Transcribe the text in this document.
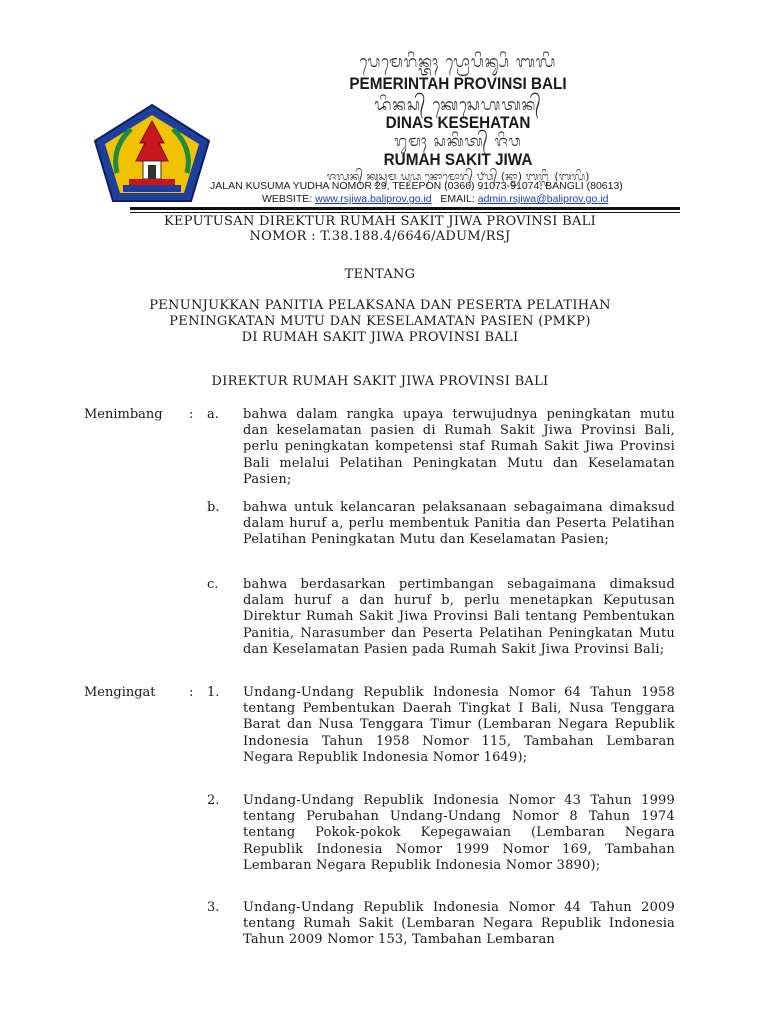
ᬧᬾᬫᬾᬭᬶᬦ᭄ᬢᬄ ᬧ᭄ᬭᭀᬧᬶᬦ᭄ᬲᬶ ᬩᬮᬶ
PEMERINTAH PROVINSI BALI
ᬤᬶᬦᬲ᭄ ᬓᬾᬲᬾᬳᬢᬦ᭄
DINAS KESEHATAN
ᬭᬸᬫᬄ ᬲᬓᬶᬢ᭄ ᬚᬶᬯ
RUMAH SAKIT JIWA
ᬚᬮᬦ᭄ ᬓᬸᬲᬸᬫ ᬬᬸᬥ ᬦᭀᬫᭀᬭ᭄ ᬨᬯ᭄ (ᬦ᭄ᬫᬵ) ᬩᬗ᭄ᬮᬶ (ᬩᬮᬶ)
JALAN KUSUMA YUDHA NOMOR 29, TELEPON (0366) 91073-91074, BANGLI (80613)
WEBSITE: www.rsjiwa.baliprov.go.id EMAIL: admin.rsjiwa@baliprov.go.id
KEPUTUSAN DIREKTUR RUMAH SAKIT JIWA PROVINSI BALI
NOMOR : T.38.188.4/6646/ADUM/RSJ
TENTANG
PENUNJUKKAN PANITIA PELAKSANA DAN PESERTA PELATIHAN
PENINGKATAN MUTU DAN KESELAMATAN PASIEN (PMKP)
DI RUMAH SAKIT JIWA PROVINSI BALI
DIREKTUR RUMAH SAKIT JIWA PROVINSI BALI
Menimbang : a. bahwa dalam rangka upaya terwujudnya peningkatan mutu dan keselamatan pasien di Rumah Sakit Jiwa Provinsi Bali, perlu peningkatan kompetensi staf Rumah Sakit Jiwa Provinsi Bali melalui Pelatihan Peningkatan Mutu dan Keselamatan Pasien;
b. bahwa untuk kelancaran pelaksanaan sebagaimana dimaksud dalam huruf a, perlu membentuk Panitia dan Peserta Pelatihan Pelatihan Peningkatan Mutu dan Keselamatan Pasien;
c. bahwa berdasarkan pertimbangan sebagaimana dimaksud dalam huruf a dan huruf b, perlu menetapkan Keputusan Direktur Rumah Sakit Jiwa Provinsi Bali tentang Pembentukan Panitia, Narasumber dan Peserta Pelatihan Peningkatan Mutu dan Keselamatan Pasien pada Rumah Sakit Jiwa Provinsi Bali;
Mengingat	: 1. Undang-Undang Republik Indonesia Nomor 64 Tahun 1958 tentang Pembentukan Daerah Tingkat I Bali, Nusa Tenggara Barat dan Nusa Tenggara Timur (Lembaran Negara Republik Indonesia Tahun 1958 Nomor 115, Tambahan Lembaran Negara Republik Indonesia Nomor 1649);
2. Undang-Undang Republik Indonesia Nomor 43 Tahun 1999 tentang Perubahan Undang-Undang Nomor 8 Tahun 1974 tentang Pokok-pokok Kepegawaian (Lembaran Negara Republik Indonesia Nomor 1999 Nomor 169, Tambahan Lembaran Negara Republik Indonesia Nomor 3890);
3. Undang-Undang Republik Indonesia Nomor 44 Tahun 2009 tentang Rumah Sakit (Lembaran Negara Republik Indonesia Tahun 2009 Nomor 153, Tambahan Lembaran
